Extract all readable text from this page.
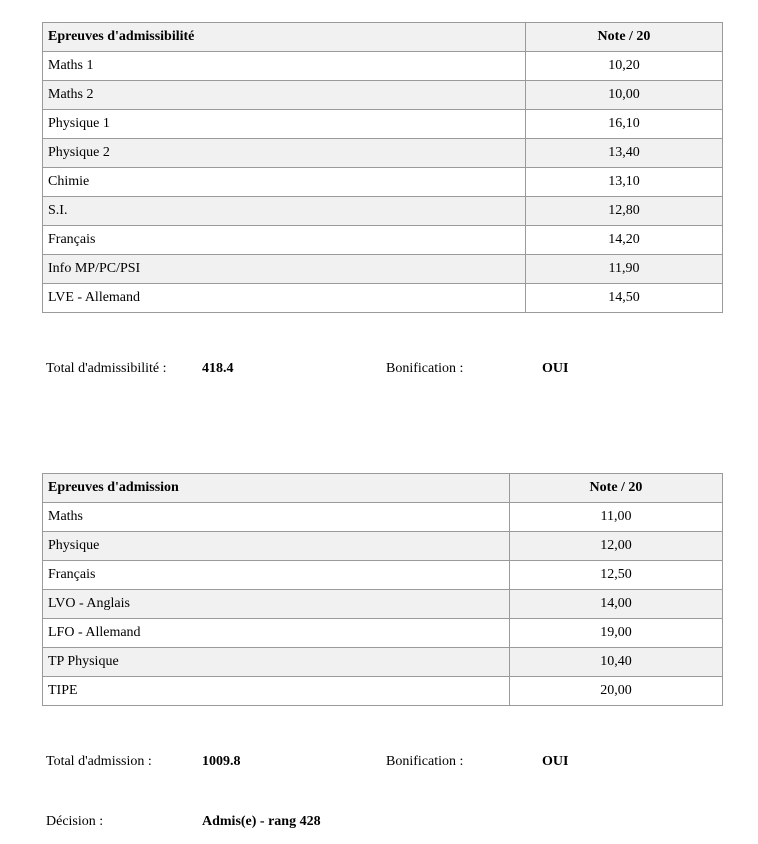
Epreuves d'admissibilité	Note / 20
Maths 1	10,20
Maths 2	10,00
Physique 1	16,10
Physique 2	13,40
Chimie	13,10
S.I.	12,80
Français	14,20
Info MP/PC/PSI	11,90
LVE - Allemand	14,50
Total d'admissibilité :	418.4	Bonification :	OUI
Epreuves d'admission	Note / 20
Maths	11,00
Physique	12,00
Français	12,50
LVO - Anglais	14,00
LFO - Allemand	19,00
TP Physique	10,40
TIPE	20,00
Total d'admission :	1009.8	Bonification :	OUI
Décision :	Admis(e) - rang 428
